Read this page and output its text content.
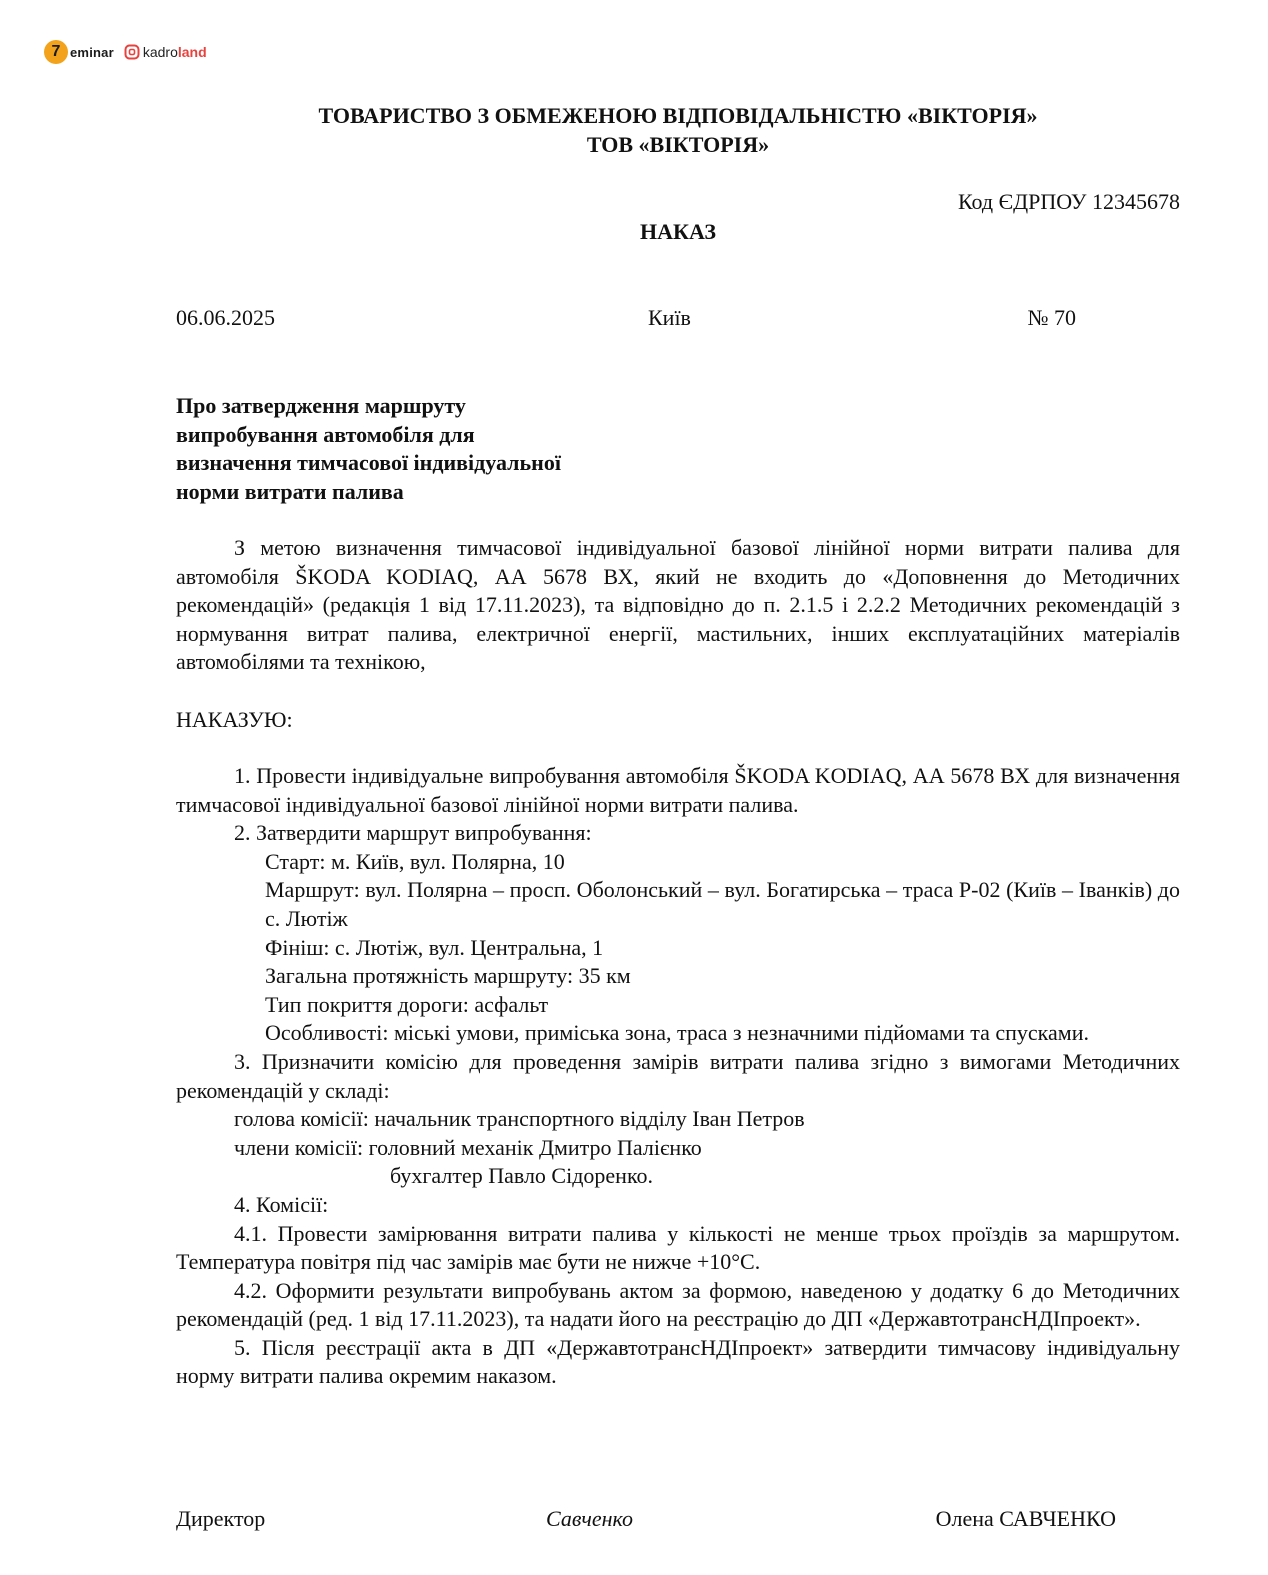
7 eminar kadro land
ТОВАРИСТВО З ОБМЕЖЕНОЮ ВІДПОВІДАЛЬНІСТЮ «ВІКТОРІЯ»
ТОВ «ВІКТОРІЯ»
Код ЄДРПОУ 12345678
НАКАЗ
06.06.2025	Київ	№ 70
Про затвердження маршруту
випробування автомобіля для
визначення тимчасової індивідуальної
норми витрати палива

З метою визначення тимчасової індивідуальної базової лінійної норми витрати палива для автомобіля ŠKODA KODIAQ, АА 5678 ВХ, який не входить до «Доповнення до Методичних рекомендацій» (редакція 1 від 17.11.2023), та відповідно до п. 2.1.5 і 2.2.2 Методичних рекомендацій з нормування витрат палива, електричної енергії, мастильних, інших експлуатаційних матеріалів автомобілями та технікою,

НАКАЗУЮ:

1. Провести індивідуальне випробування автомобіля ŠKODA KODIAQ, АА 5678 ВХ для визначення тимчасової індивідуальної базової лінійної норми витрати палива.

2. Затвердити маршрут випробування:

Старт: м. Київ, вул. Полярна, 10

Маршрут: вул. Полярна – просп. Оболонський – вул. Богатирська – траса Р-02 (Київ – Іванків) до с. Лютіж

Фініш: с. Лютіж, вул. Центральна, 1

Загальна протяжність маршруту: 35 км

Тип покриття дороги: асфальт

Особливості: міські умови, приміська зона, траса з незначними підйомами та спусками.

3. Призначити комісію для проведення замірів витрати палива згідно з вимогами Методичних рекомендацій у складі:

голова комісії: начальник транспортного відділу Іван Петров

члени комісії: головний механік Дмитро Палієнко

бухгалтер Павло Сідоренко.

4. Комісії:

4.1. Провести замірювання витрати палива у кількості не менше трьох проїздів за маршрутом. Температура повітря під час замірів має бути не нижче +10°С.

4.2. Оформити результати випробувань актом за формою, наведеною у додатку 6 до Методичних рекомендацій (ред. 1 від 17.11.2023), та надати його на реєстрацію до ДП «ДержавтотрансНДІпроект».

5. Після реєстрації акта в ДП «ДержавтотрансНДІпроект» затвердити тимчасову індивідуальну норму витрати палива окремим наказом.

Директор	Савченко	Олена САВЧЕНКО
